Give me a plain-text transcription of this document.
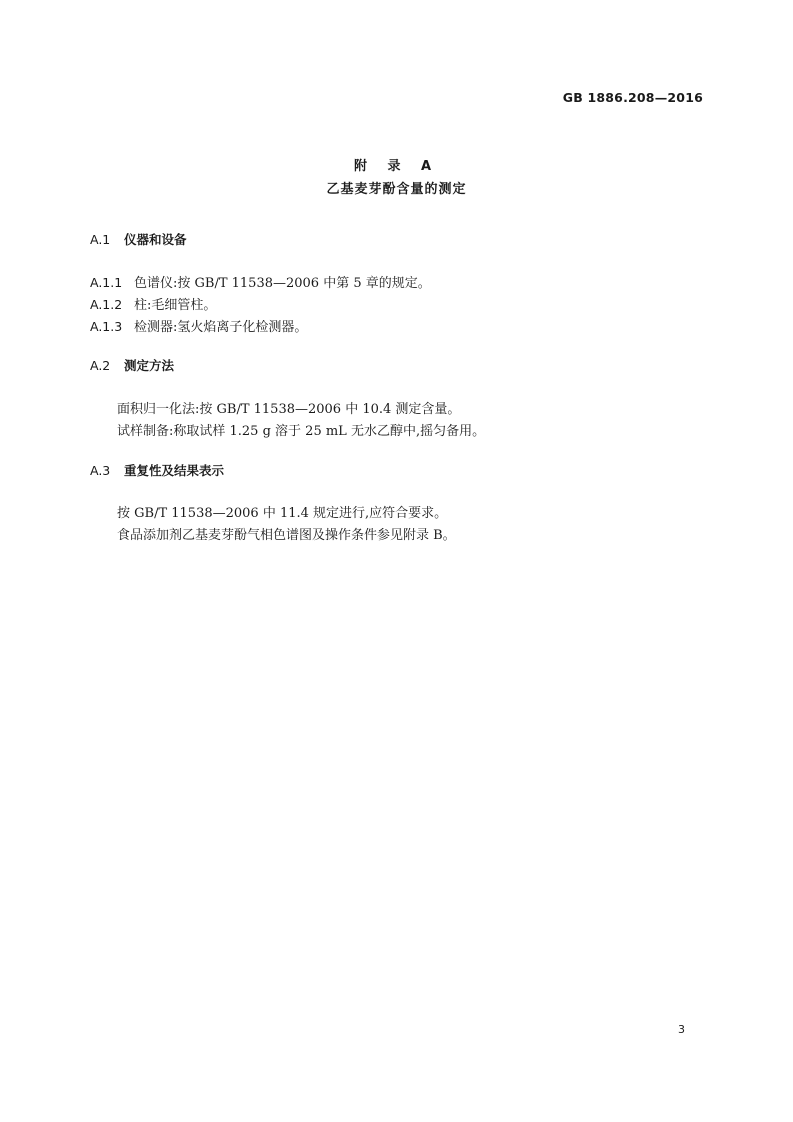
GB 1886.208—2016
附 录 A
乙基麦芽酚含量的测定
A.1 仪器和设备
A.1.1 色谱仪:按 GB/T 11538—2006 中第 5 章的规定。
A.1.2 柱:毛细管柱。
A.1.3 检测器:氢火焰离子化检测器。
A.2 测定方法
面积归一化法:按 GB/T 11538—2006 中 10.4 测定含量。
试样制备:称取试样 1.25 g 溶于 25 mL 无水乙醇中,摇匀备用。
A.3 重复性及结果表示
按 GB/T 11538—2006 中 11.4 规定进行,应符合要求。
食品添加剂乙基麦芽酚气相色谱图及操作条件参见附录 B。
3
